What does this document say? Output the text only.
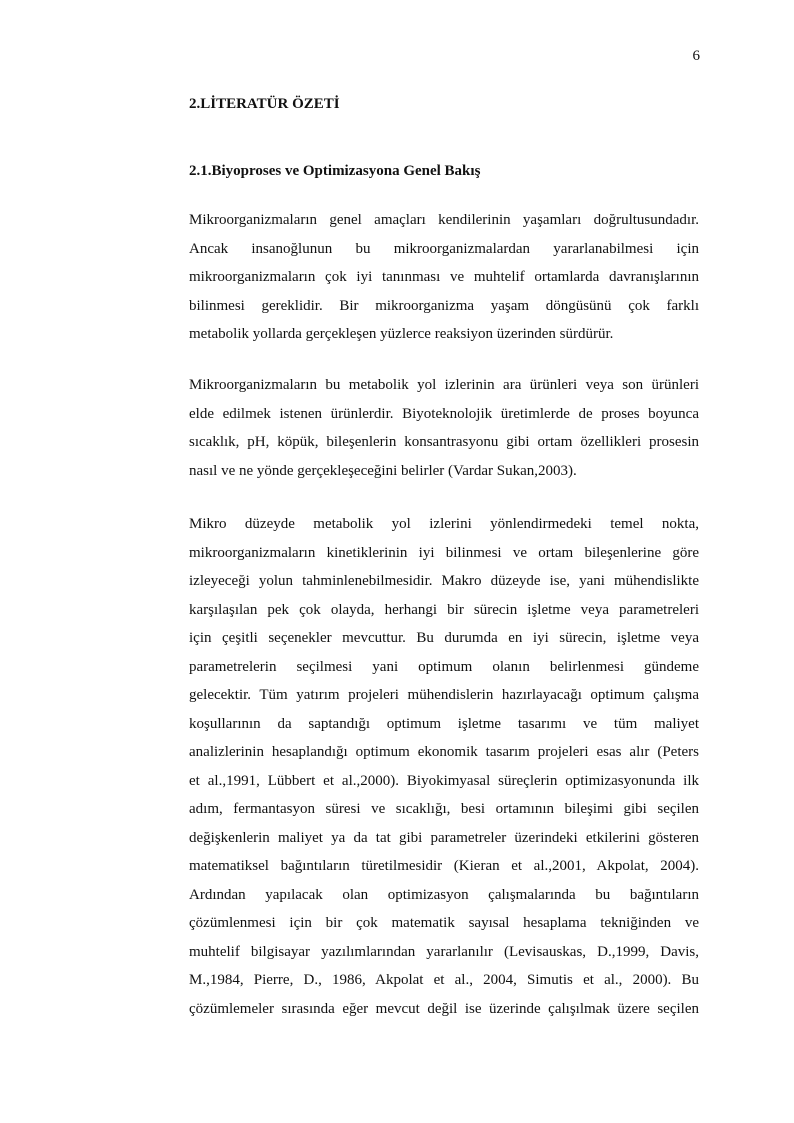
6
2.LİTERATÜR ÖZETİ
2.1.Biyoproses ve Optimizasyona Genel Bakış
Mikroorganizmaların genel amaçları kendilerinin yaşamları doğrultusundadır.
Ancak insanoğlunun bu mikroorganizmalardan yararlanabilmesi için
mikroorganizmaların çok iyi tanınması ve muhtelif ortamlarda davranışlarının
bilinmesi gereklidir. Bir mikroorganizma yaşam döngüsünü çok farklı
metabolik yollarda gerçekleşen yüzlerce reaksiyon üzerinden sürdürür.
Mikroorganizmaların bu metabolik yol izlerinin ara ürünleri veya son ürünleri
elde edilmek istenen ürünlerdir. Biyoteknolojik üretimlerde de proses boyunca
sıcaklık, pH, köpük, bileşenlerin konsantrasyonu gibi ortam özellikleri prosesin
nasıl ve ne yönde gerçekleşeceğini belirler (Vardar Sukan,2003).
Mikro düzeyde metabolik yol izlerini yönlendirmedeki temel nokta,
mikroorganizmaların kinetiklerinin iyi bilinmesi ve ortam bileşenlerine göre
izleyeceği yolun tahminlenebilmesidir. Makro düzeyde ise, yani mühendislikte
karşılaşılan pek çok olayda, herhangi bir sürecin işletme veya parametreleri
için çeşitli seçenekler mevcuttur. Bu durumda en iyi sürecin, işletme veya
parametrelerin seçilmesi yani optimum olanın belirlenmesi gündeme
gelecektir. Tüm yatırım projeleri mühendislerin hazırlayacağı optimum çalışma
koşullarının da saptandığı optimum işletme tasarımı ve tüm maliyet
analizlerinin hesaplandığı optimum ekonomik tasarım projeleri esas alır (Peters
et al.,1991, Lübbert et al.,2000). Biyokimyasal süreçlerin optimizasyonunda ilk
adım, fermantasyon süresi ve sıcaklığı, besi ortamının bileşimi gibi seçilen
değişkenlerin maliyet ya da tat gibi parametreler üzerindeki etkilerini gösteren
matematiksel bağıntıların türetilmesidir (Kieran et al.,2001, Akpolat, 2004).
Ardından yapılacak olan optimizasyon çalışmalarında bu bağıntıların
çözümlenmesi için bir çok matematik sayısal hesaplama tekniğinden ve
muhtelif bilgisayar yazılımlarından yararlanılır (Levisauskas, D.,1999, Davis,
M.,1984, Pierre, D., 1986, Akpolat et al., 2004, Simutis et al., 2000). Bu
çözümlemeler sırasında eğer mevcut değil ise üzerinde çalışılmak üzere seçilen
